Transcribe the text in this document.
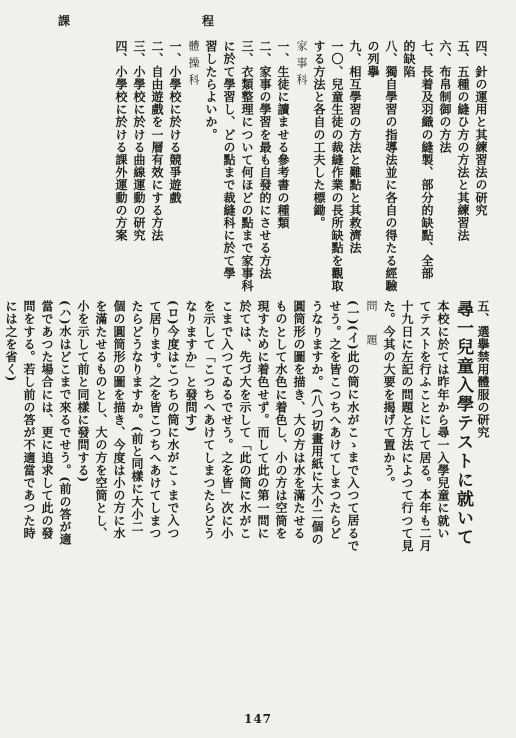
課	程
四、針の運用と其練習法の研究
五、五種の縫ひ方の方法と其練習法
六、布帛制御の方法
七、長着及羽織の縫製、部分的缺點、全部
的缺陷
八、獨自學習の指導法並に各自の得たる經驗
の列擧
九、相互學習の方法と難點と其救濟法
一〇、兒童生徒の裁縫作業の長所缺點を觀取
する方法と各自の工夫した標鋤。
家事科
一、生徒に讀ませる參考書の種類
二、家事の學習を最も自發的にさせる方法
三、衣類整理について何ほどの點まで家事科
に於て學習し、どの點まで裁縫科に於て學
習したらよいか。
體操科
一、小學校に於ける競爭遊戲
二、自由遊戲を一層有效にする方法
三、小學校に於ける曲線運動の研究
四、小學校に於ける課外運動の方案
五、選擧禁用體服の研究
尋一兒童入學テストに就いて
本校に於ては昨年から尋一入學兒童に就い
てテストを行ふことにして居る。本年も二月
十九日に左記の問題と方法によつて行つて見
た。今其の大要を揭げて置かう。
問　題
(一)(イ)此の筒に水がこゝまで入つて居るで
せう。之を皆こつちへあけてしまつたらど
うなりますか。(八つ切畫用紙に大小二個の
圓筒形の圖を描き、大の方は水を滿たせる
ものとして水色に着色し、小の方は空筒を
現すために着色せず。而して此の第一問に
於ては、先づ大を示して「此の筒に水がこ
こまで入つてゐるでせう。之を皆」次に小
を示して「こつちへあけてしまつたらどう
なりますか」と發問す)
(ロ)今度はこつちの筒に水がこゝまで入つ
て居ります。之を皆こつちへあけてしまつ
たらどうなりますか。(前と同樣に大小二
個の圓筒形の圖を描き、今度は小の方に水
を滿たせるものとし、大の方を空筒とし、
小を示して前と同樣に發問する)
(ハ)水はどこまで來るでせう。(前の答が適
當であつた場合には、更に追求して此の發
問をする。若し前の答が不適當であつた時
には之を省く)
147
